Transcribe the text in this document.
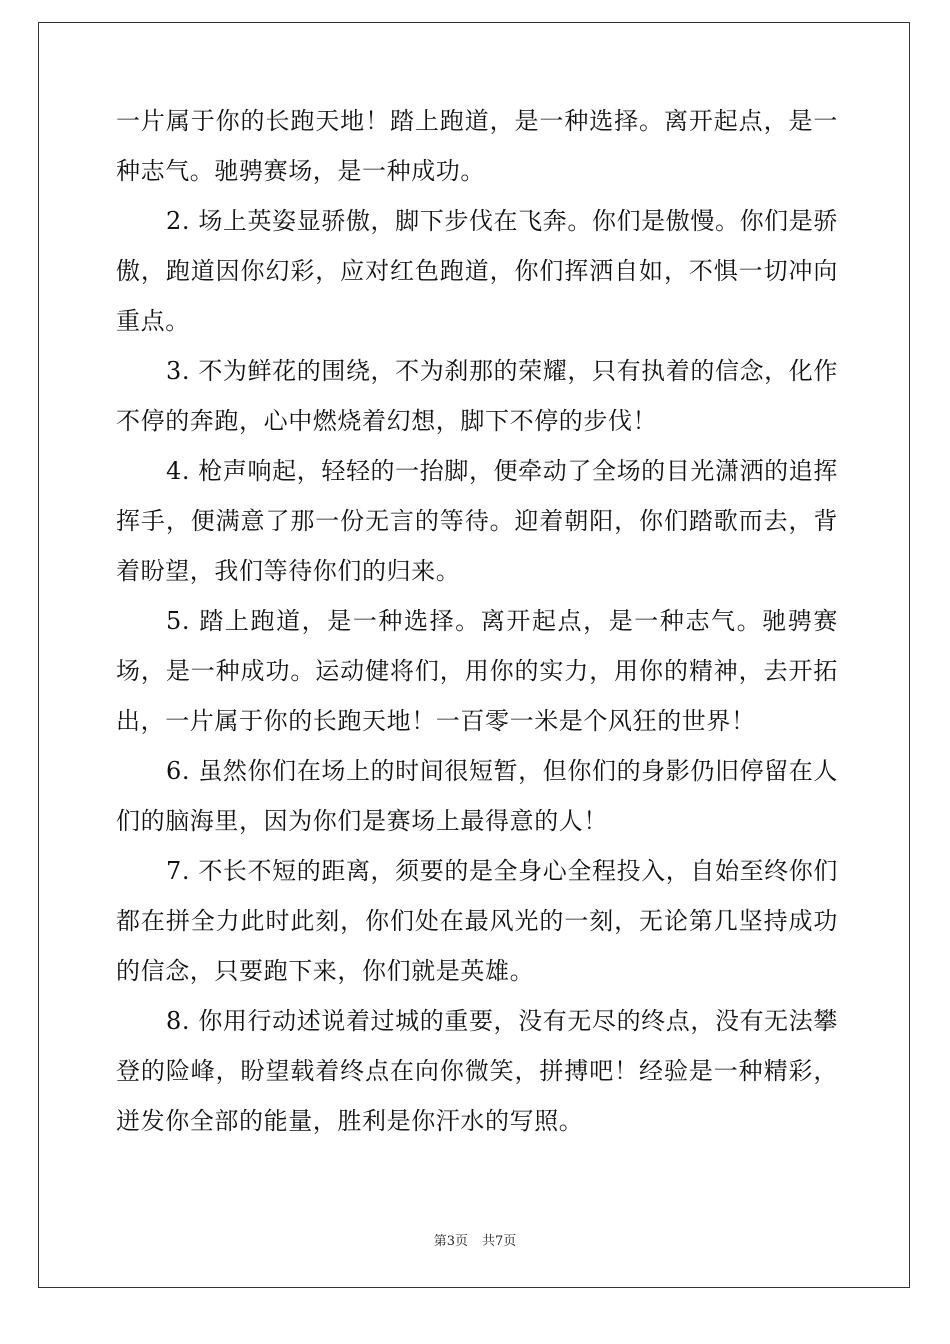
一片属于你的长跑天地！踏上跑道，是一种选择。离开起点，是一种志气。驰骋赛场，是一种成功。

2. 场上英姿显骄傲，脚下步伐在飞奔。你们是傲慢。你们是骄傲，跑道因你幻彩，应对红色跑道，你们挥洒自如，不惧一切冲向重点。

3. 不为鲜花的围绕，不为刹那的荣耀，只有执着的信念，化作不停的奔跑，心中燃烧着幻想，脚下不停的步伐！

4. 枪声响起，轻轻的一抬脚，便牵动了全场的目光潇洒的追挥挥手，便满意了那一份无言的等待。迎着朝阳，你们踏歌而去，背着盼望，我们等待你们的归来。

5. 踏上跑道，是一种选择。离开起点，是一种志气。驰骋赛场，是一种成功。运动健将们，用你的实力，用你的精神，去开拓出，一片属于你的长跑天地！一百零一米是个风狂的世界！

6. 虽然你们在场上的时间很短暂，但你们的身影仍旧停留在人们的脑海里，因为你们是赛场上最得意的人！

7. 不长不短的距离，须要的是全身心全程投入，自始至终你们都在拼全力此时此刻，你们处在最风光的一刻，无论第几坚持成功的信念，只要跑下来，你们就是英雄。

8. 你用行动述说着过城的重要，没有无尽的终点，没有无法攀登的险峰，盼望载着终点在向你微笑，拼搏吧！经验是一种精彩，迸发你全部的能量，胜利是你汗水的写照。

第3页 共7页
